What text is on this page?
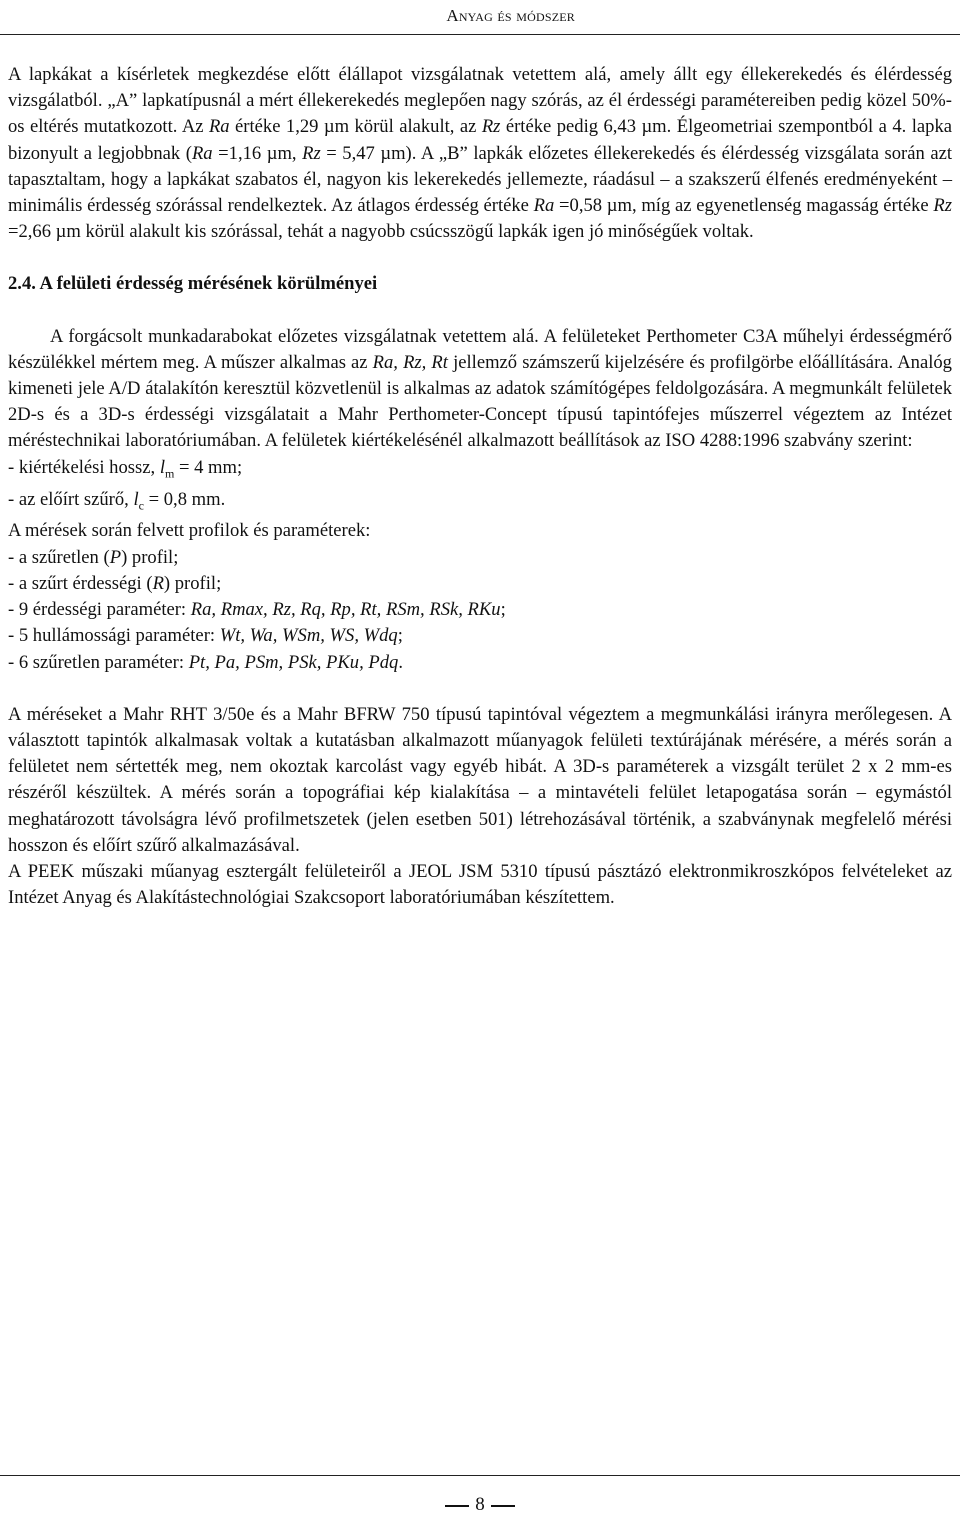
Anyag és módszer

A lapkákat a kísérletek megkezdése előtt élállapot vizsgálatnak vetettem alá, amely állt egy éllekerekedés és élérdesség vizsgálatból. „A” lapkatípusnál a mért éllekerekedés meglepően nagy szórás, az él érdességi paramétereiben pedig közel 50%-os eltérés mutatkozott. Az Ra értéke 1,29 µm körül alakult, az Rz értéke pedig 6,43 µm. Élgeometriai szempontból a 4. lapka bizonyult a legjobbnak (Ra =1,16 µm, Rz = 5,47 µm). A „B” lapkák előzetes éllekerekedés és élérdesség vizsgálata során azt tapasztaltam, hogy a lapkákat szabatos él, nagyon kis lekerekedés jellemezte, ráadásul – a szakszerű élfenés eredményeként – minimális érdesség szórással rendelkeztek. Az átlagos érdesség értéke Ra =0,58 µm, míg az egyenetlenség magasság értéke Rz =2,66 µm körül alakult kis szórással, tehát a nagyobb csúcsszögű lapkák igen jó minőségűek voltak.

2.4. A felületi érdesség mérésének körülményei

A forgácsolt munkadarabokat előzetes vizsgálatnak vetettem alá. A felületeket Perthometer C3A műhelyi érdességmérő készülékkel mértem meg. A műszer alkalmas az Ra, Rz, Rt jellemző számszerű kijelzésére és profilgörbe előállítására. Analóg kimeneti jele A/D átalakítón keresztül közvetlenül is alkalmas az adatok számítógépes feldolgozására. A megmunkált felületek 2D-s és a 3D-s érdességi vizsgálatait a Mahr Perthometer-Concept típusú tapintófejes műszerrel végeztem az Intézet méréstechnikai laboratóriumában. A felületek kiértékelésénél alkalmazott beállítások az ISO 4288:1996 szabvány szerint:

- kiértékelési hossz, $l_m = 4$ mm;

- az előírt szűrő, $l_c = 0,8$ mm.

A mérések során felvett profilok és paraméterek:

- a szűretlen (P) profil;

- a szűrt érdességi (R) profil;

- 9 érdességi paraméter: Ra, Rmax, Rz, Rq, Rp, Rt, RSm, RSk, RKu;

- 5 hullámossági paraméter: Wt, Wa, WSm, WS, Wdq;

- 6 szűretlen paraméter: Pt, Pa, PSm, PSk, PKu, Pdq.

A méréseket a Mahr RHT 3/50e és a Mahr BFRW 750 típusú tapintóval végeztem a megmunkálási irányra merőlegesen. A választott tapintók alkalmasak voltak a kutatásban alkalmazott műanyagok felületi textúrájának mérésére, a mérés során a felületet nem sértették meg, nem okoztak karcolást vagy egyéb hibát. A 3D-s paraméterek a vizsgált terület 2 x 2 mm-es részéről készültek. A mérés során a topográfiai kép kialakítása – a mintavételi felület letapogatása során – egymástól meghatározott távolságra lévő profilmetszetek (jelen esetben 501) létrehozásával történik, a szabványnak megfelelő mérési hosszon és előírt szűrő alkalmazásával.

A PEEK műszaki műanyag esztergált felületeiről a JEOL JSM 5310 típusú pásztázó elektronmikroszkópos felvételeket az Intézet Anyag és Alakítástechnológiai Szakcsoport laboratóriumában készítettem.

8
